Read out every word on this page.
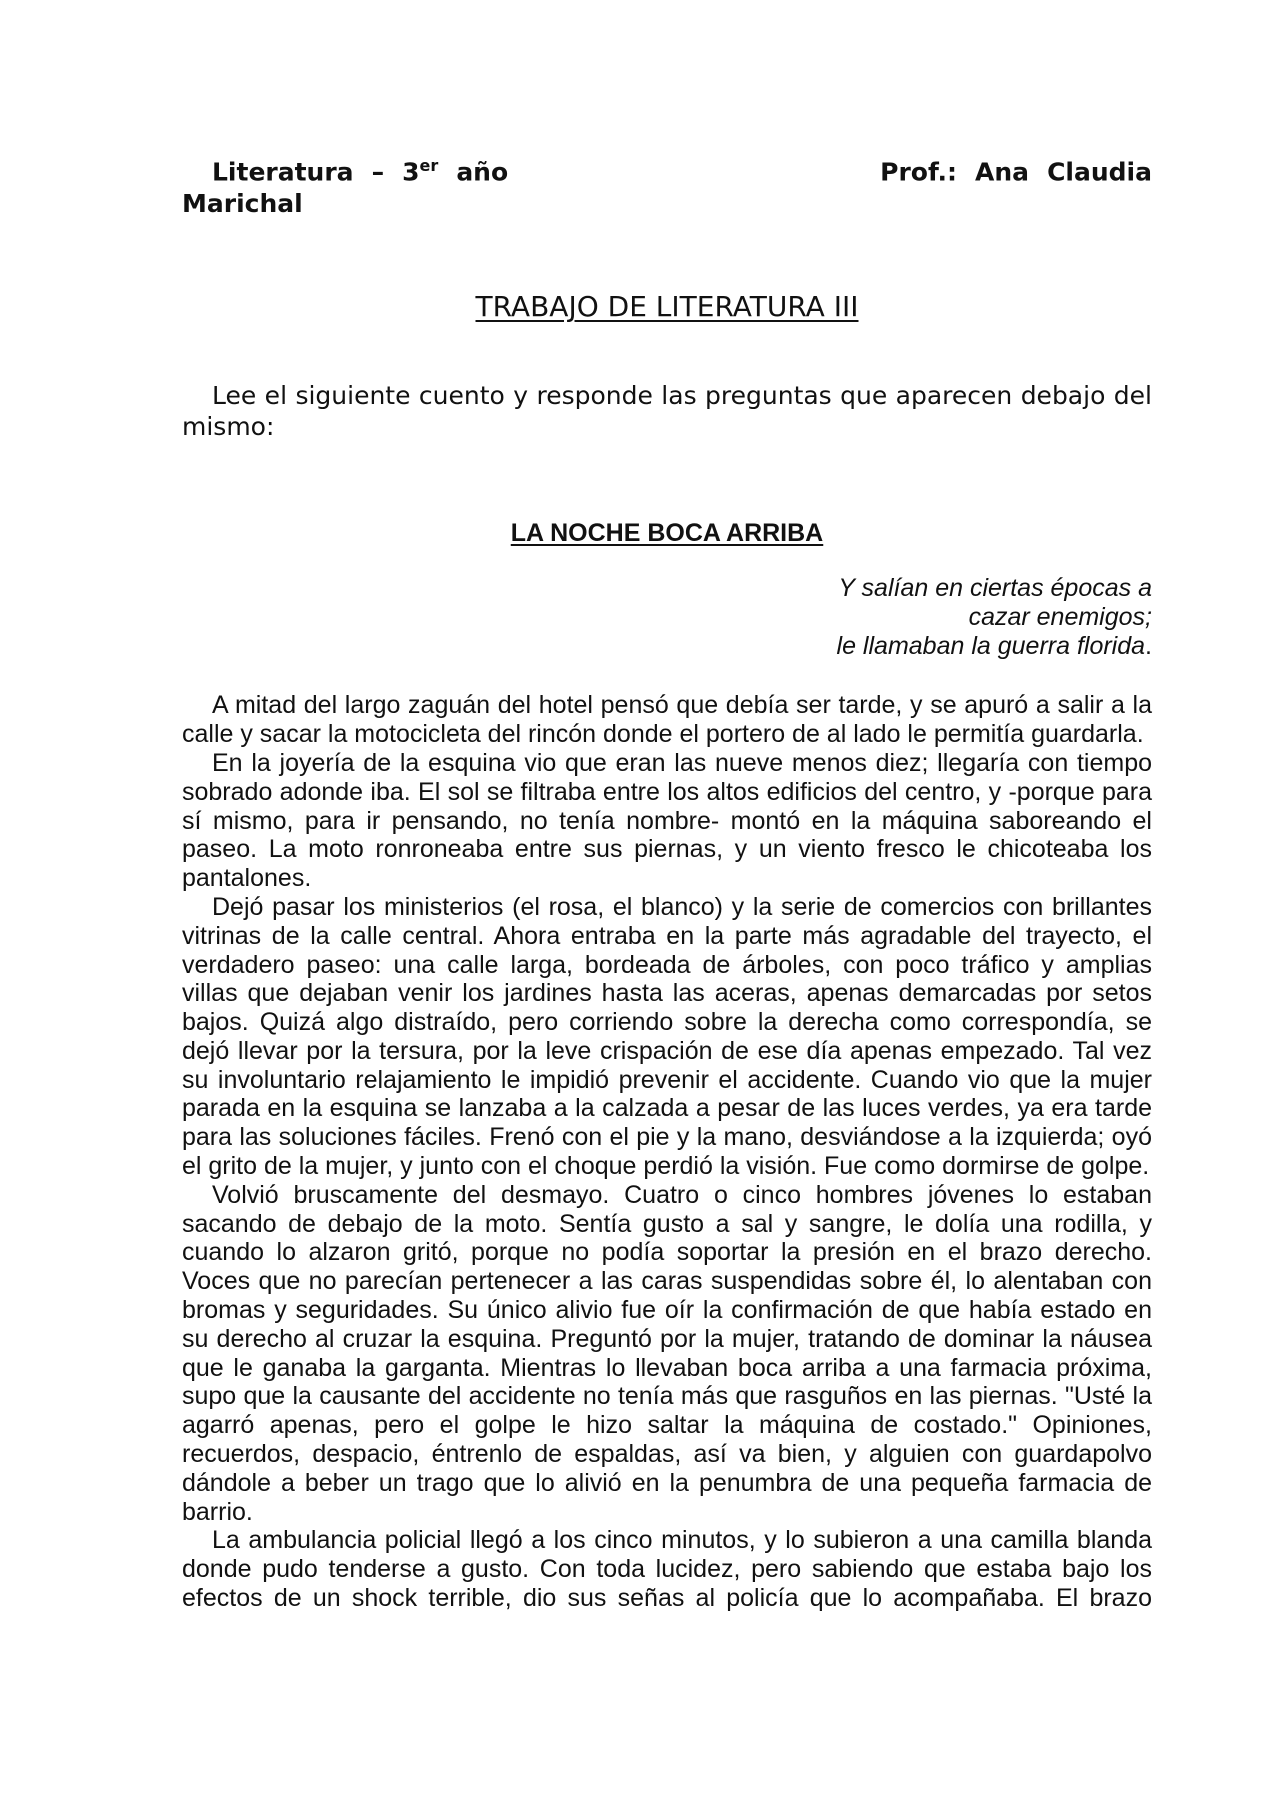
Literatura – 3er año	Prof.: Ana Claudia Marichal

TRABAJO DE LITERATURA III

Lee el siguiente cuento y responde las preguntas que aparecen debajo del mismo:

LA NOCHE BOCA ARRIBA
Y salían en ciertas épocas a
cazar enemigos;
le llamaban la guerra florida.

A mitad del largo zaguán del hotel pensó que debía ser tarde, y se apuró a salir a la calle y sacar la motocicleta del rincón donde el portero de al lado le permitía guardarla.

En la joyería de la esquina vio que eran las nueve menos diez; llegaría con tiempo sobrado adonde iba. El sol se filtraba entre los altos edificios del centro, y -porque para sí mismo, para ir pensando, no tenía nombre- montó en la máquina saboreando el paseo. La moto ronroneaba entre sus piernas, y un viento fresco le chicoteaba los pantalones.

Dejó pasar los ministerios (el rosa, el blanco) y la serie de comercios con brillantes vitrinas de la calle central. Ahora entraba en la parte más agradable del trayecto, el verdadero paseo: una calle larga, bordeada de árboles, con poco tráfico y amplias villas que dejaban venir los jardines hasta las aceras, apenas demarcadas por setos bajos. Quizá algo distraído, pero corriendo sobre la derecha como correspondía, se dejó llevar por la tersura, por la leve crispación de ese día apenas empezado. Tal vez su involuntario relajamiento le impidió prevenir el accidente. Cuando vio que la mujer parada en la esquina se lanzaba a la calzada a pesar de las luces verdes, ya era tarde para las soluciones fáciles. Frenó con el pie y la mano, desviándose a la izquierda; oyó el grito de la mujer, y junto con el choque perdió la visión. Fue como dormirse de golpe.

Volvió bruscamente del desmayo. Cuatro o cinco hombres jóvenes lo estaban sacando de debajo de la moto. Sentía gusto a sal y sangre, le dolía una rodilla, y cuando lo alzaron gritó, porque no podía soportar la presión en el brazo derecho. Voces que no parecían pertenecer a las caras suspendidas sobre él, lo alentaban con bromas y seguridades. Su único alivio fue oír la confirmación de que había estado en su derecho al cruzar la esquina. Preguntó por la mujer, tratando de dominar la náusea que le ganaba la garganta. Mientras lo llevaban boca arriba a una farmacia próxima, supo que la causante del accidente no tenía más que rasguños en las piernas. "Usté la agarró apenas, pero el golpe le hizo saltar la máquina de costado." Opiniones, recuerdos, despacio, éntrenlo de espaldas, así va bien, y alguien con guardapolvo dándole a beber un trago que lo alivió en la penumbra de una pequeña farmacia de barrio.

La ambulancia policial llegó a los cinco minutos, y lo subieron a una camilla blanda donde pudo tenderse a gusto. Con toda lucidez, pero sabiendo que estaba bajo los efectos de un shock terrible, dio sus señas al policía que lo acompañaba. El brazo
